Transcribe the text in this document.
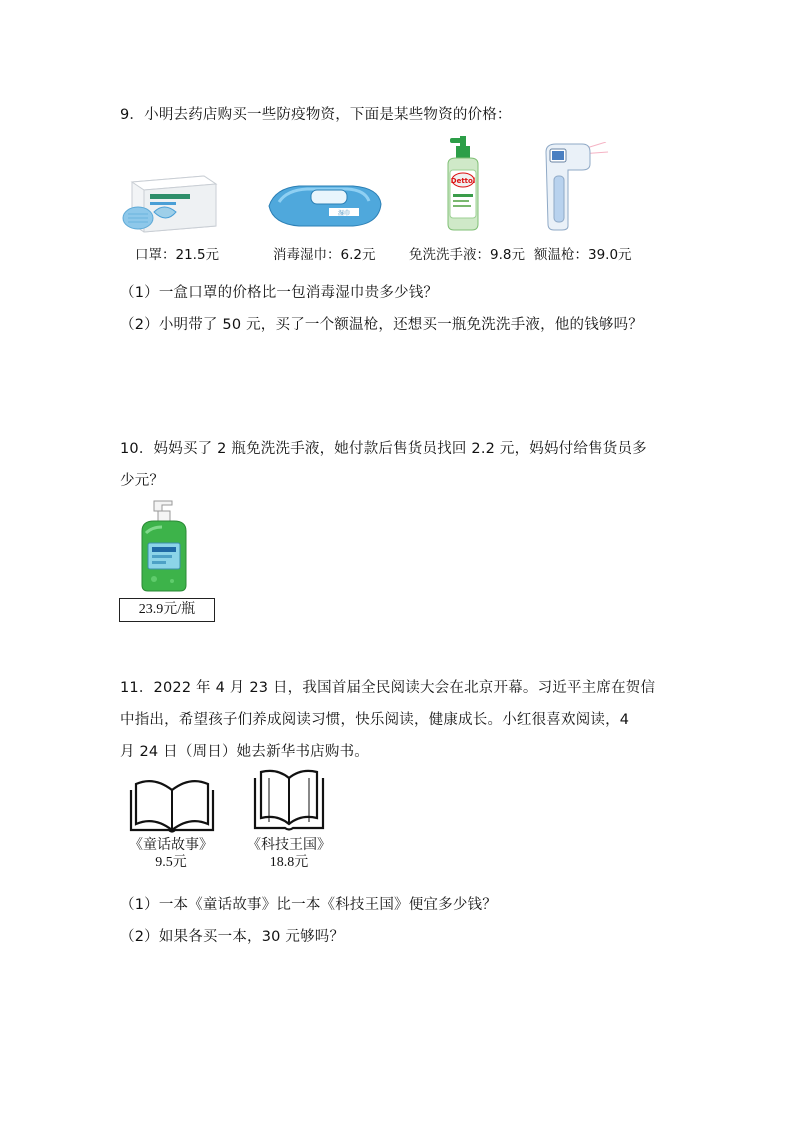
9．小明去药店购买一些防疫物资，下面是某些物资的价格：
湿巾
Dettol
口罩：21.5元	消毒湿巾：6.2元 免洗洗手液：9.8元 额温枪：39.0元
（1）一盒口罩的价格比一包消毒湿巾贵多少钱？
（2）小明带了 50 元，买了一个额温枪，还想买一瓶免洗洗手液，他的钱够吗？
10．妈妈买了 2 瓶免洗洗手液，她付款后售货员找回 2.2 元，妈妈付给售货员多
少元？
23.9元/瓶
11．2022 年 4 月 23 日，我国首届全民阅读大会在北京开幕。习近平主席在贺信
中指出，希望孩子们养成阅读习惯，快乐阅读，健康成长。小红很喜欢阅读，4
月 24 日（周日）她去新华书店购书。
《童话故事》
9.5元
《科技王国》
18.8元
（1）一本《童话故事》比一本《科技王国》便宜多少钱？
（2）如果各买一本，30 元够吗？
